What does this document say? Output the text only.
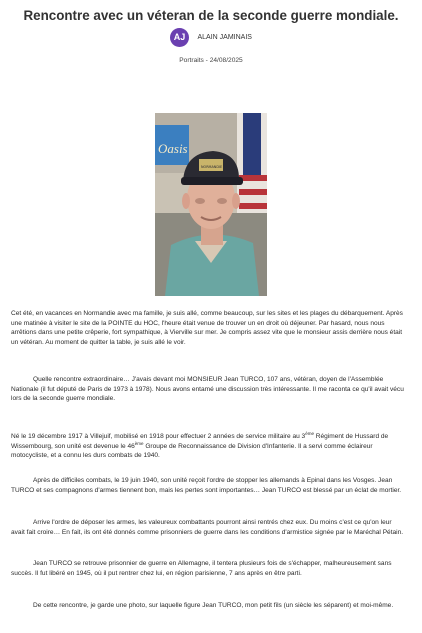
Rencontre avec un véteran de la seconde guerre mondiale.
AJ ALAIN JAMINAIS
Portraits - 24/08/2025
Oasis
NORMANDIE

Cet été, en vacances en Normandie avec ma famille, je suis allé, comme beaucoup, sur les sites et les plages du débarquement. Après une matinée à visiter le site de la POINTE du HOC, l'heure était venue de trouver un en droit où déjeuner. Par hasard, nous nous arrêtions dans une petite crêperie, fort sympathique, à Vierville sur mer. Je compris assez vite que le monsieur assis derrière nous était un vétéran. Au moment de quitter la table, je suis allé le voir.

Quelle rencontre extraordinaire… J'avais devant moi MONSIEUR Jean TURCO, 107 ans, vétéran, doyen de l'Assemblée Nationale (il fut député de Paris de 1973 à 1978). Nous avons entamé une discussion très intéressante. Il me raconta ce qu'il avait vécu lors de la seconde guerre mondiale.

Né le 19 décembre 1917 à Villejuif, mobilisé en 1918 pour effectuer 2 années de service militaire au 3ème Régiment de Hussard de Wissembourg, son unité est devenue le 46ème Groupe de Reconnaissance de Division d'Infanterie. Il a servi comme éclaireur motocycliste, et a connu les durs combats de 1940.

Après de difficiles combats, le 19 juin 1940, son unité reçoit l'ordre de stopper les allemands à Epinal dans les Vosges. Jean TURCO et ses compagnons d'armes tiennent bon, mais les pertes sont importantes… Jean TURCO est blessé par un éclat de mortier.

Arrive l'ordre de déposer les armes, les valeureux combattants pourront ainsi rentrés chez eux. Du moins c'est ce qu'on leur avait fait croire… En fait, ils ont été donnés comme prisonniers de guerre dans les conditions d'armistice signée par le Maréchal Pétain.

Jean TURCO se retrouve prisonnier de guerre en Allemagne, il tentera plusieurs fois de s'échapper, malheureusement sans succès. Il fut libéré en 1945, où il put rentrer chez lui, en région parisienne, 7 ans après en être parti.

De cette rencontre, je garde une photo, sur laquelle figure Jean TURCO, mon petit fils (un siècle les séparent) et moi-même.
